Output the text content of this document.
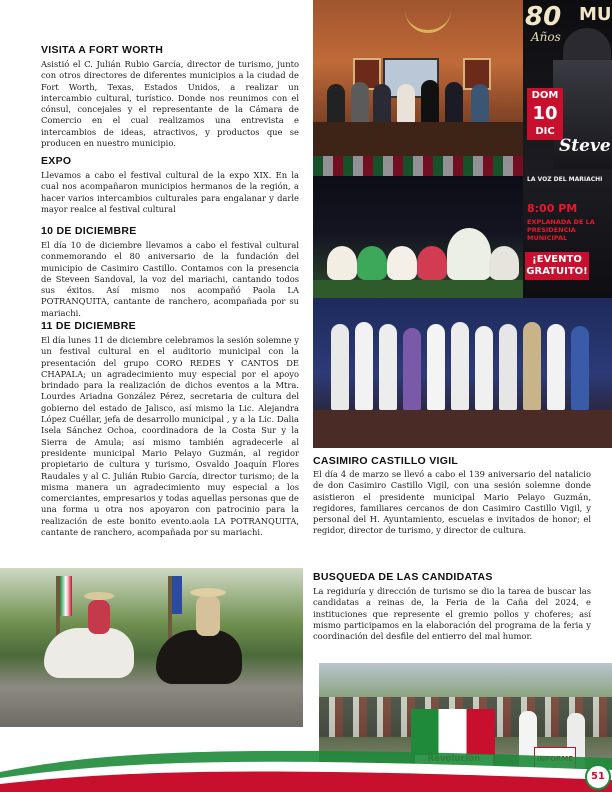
VISITA A FORT WORTH

Asistió el C. Julián Rubio García, director de turismo, junto con otros directores de diferentes municipios a la ciudad de Fort Worth, Texas, Estados Unidos, a realizar un intercambio cultural, turístico. Donde nos reunimos con el cónsul, concejales y el representante de la Cámara de Comercio en el cual realizamos una entrevista e intercambios de ideas, atractivos, y productos que se producen en nuestro municipio.

EXPO

Llevamos a cabo el festival cultural de la expo XIX. En la cual nos acompañaron municipios hermanos de la región, a hacer varios intercambios culturales para engalanar y darle mayor realce al festival cultural

10 DE DICIEMBRE

El día 10 de diciembre llevamos a cabo el festival cultural conmemorando el 80 aniversario de la fundación del municipio de Casimiro Castillo. Contamos con la presencia de Steveen Sandoval, la voz del mariachi, cantando todos sus éxitos. Así mismo nos acompañó Paola LA POTRANQUITA, cantante de ranchero, acompañada por su mariachi.

11 DE DICIEMBRE

El día lunes 11 de diciembre celebramos la sesión solemne y un festival cultural en el auditorio municipal con la presentación del grupo CORO REDES Y CANTOS DE CHAPALA; un agradecimiento muy especial por el apoyo brindado para la realización de dichos eventos a la Mtra. Lourdes Ariadna González Pérez, secretaria de cultura del gobierno del estado de Jalisco, así mismo la Lic. Alejandra López Cuéllar, jefa de desarrollo municipal , y a la Lic. Dalia Isela Sánchez Ochoa, coordinadora de la Costa Sur y la Sierra de Amula; así mismo también agradecerle al presidente municipal Mario Pelayo Guzmán, al regidor propietario de cultura y turismo, Osvaldo Joaquín Flores Raudales y al C. Julián Rubio García, director turismo; de la misma manera un agradecimiento muy especial a los comerciantes, empresarios y todas aquellas personas que de una forma u otra nos apoyaron con patrocinio para la realización de este bonito evento.aola LA POTRANQUITA, cantante de ranchero, acompañada por su mariachi.

CASIMIRO CASTILLO VIGIL

El día 4 de marzo se llevó a cabo el 139 aniversario del natalicio de don Casimiro Castillo Vigil, con una sesión solemne donde asistieron el presidente municipal Mario Pelayo Guzmán, regidores, familiares cercanos de don Casimiro Castillo Vigil, y personal del H. Ayuntamiento, escuelas e invitados de honor; el regidor, director de turismo, y director de cultura.

BUSQUEDA DE LAS CANDIDATAS

La regiduría y dirección de turismo se dio la tarea de buscar las candidatas a reinas de, la Feria de la Caña del 2024, e instituciones que represente el gremio pollos y choferes; así mismo participamos en la elaboración del programa de la feria y coordinación del desfile del entierro del mal humor.

80 MU
Años
DOM
10
DIC
Steve
LA VOZ DEL MARIACHI
8:00 PM
EXPLANADA DE LA PRESIDENCIA MUNICIPAL
¡EVENTO GRATUITO!
51
